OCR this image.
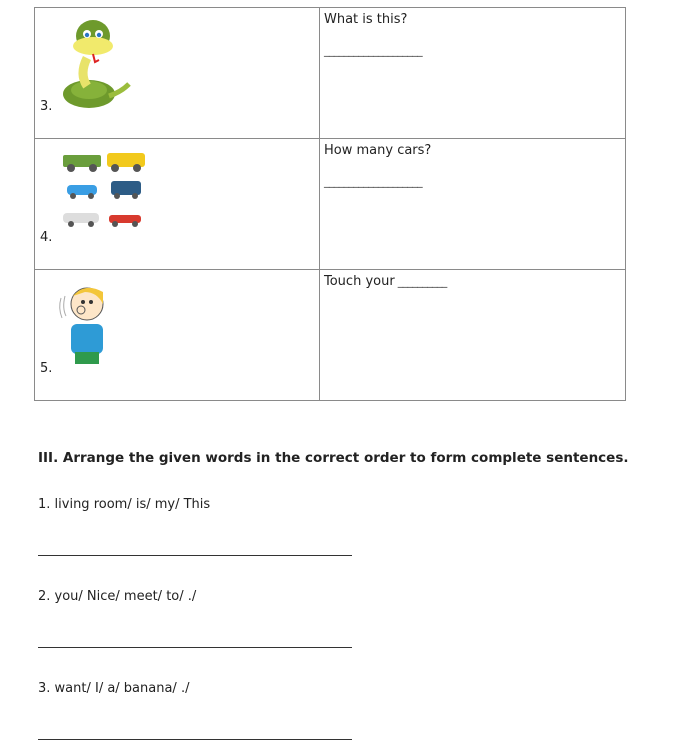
3.	What is this?
____________________

4.	How many cars?
____________________

5.	Touch your __________
III. Arrange the given words in the correct order to form complete sentences.
1. living room/ is/ my/ This
2. you/ Nice/ meet/ to/ ./
3. want/ I/ a/ banana/ ./
